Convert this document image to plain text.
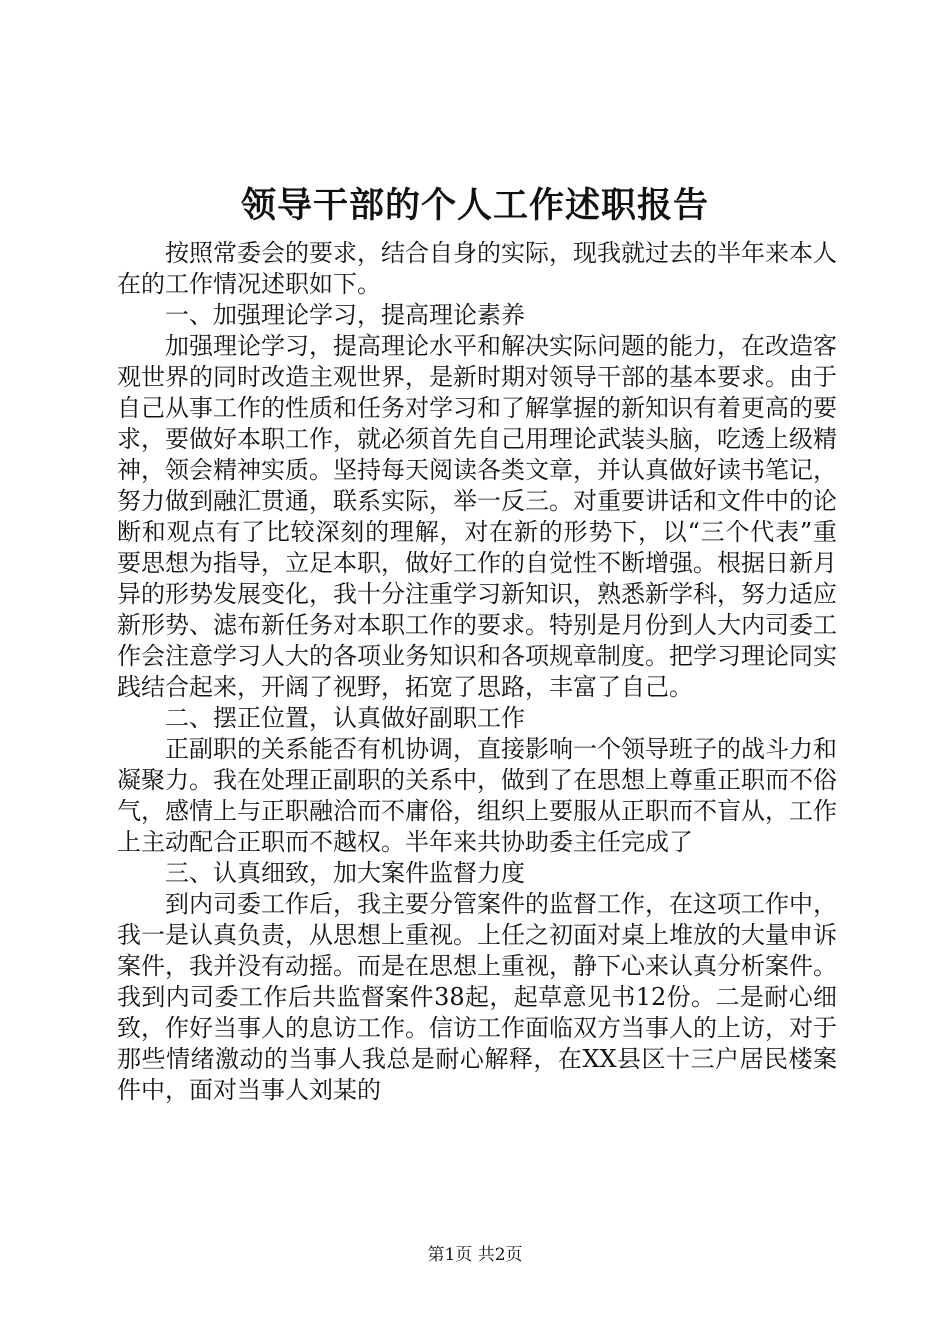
领导干部的个人工作述职报告

按照常委会的要求，结合自身的实际，现我就过去的半年来本人在的工作情况述职如下。

一、加强理论学习，提高理论素养

加强理论学习，提高理论水平和解决实际问题的能力，在改造客观世界的同时改造主观世界，是新时期对领导干部的基本要求。由于自己从事工作的性质和任务对学习和了解掌握的新知识有着更高的要求，要做好本职工作，就必须首先自己用理论武装头脑，吃透上级精神，领会精神实质。坚持每天阅读各类文章，并认真做好读书笔记，努力做到融汇贯通，联系实际，举一反三。对重要讲话和文件中的论断和观点有了比较深刻的理解，对在新的形势下，以“三个代表”重要思想为指导，立足本职，做好工作的自觉性不断增强。根据日新月异的形势发展变化，我十分注重学习新知识，熟悉新学科，努力适应新形势、滤布新任务对本职工作的要求。特别是月份到人大内司委工作会注意学习人大的各项业务知识和各项规章制度。把学习理论同实践结合起来，开阔了视野，拓宽了思路，丰富了自己。

二、摆正位置，认真做好副职工作

正副职的关系能否有机协调，直接影响一个领导班子的战斗力和凝聚力。我在处理正副职的关系中，做到了在思想上尊重正职而不俗气，感情上与正职融洽而不庸俗，组织上要服从正职而不盲从，工作上主动配合正职而不越权。半年来共协助委主任完成了

三、认真细致，加大案件监督力度

到内司委工作后，我主要分管案件的监督工作，在这项工作中，我一是认真负责，从思想上重视。上任之初面对桌上堆放的大量申诉案件，我并没有动摇。而是在思想上重视，静下心来认真分析案件。我到内司委工作后共监督案件38起，起草意见书12份。二是耐心细致，作好当事人的息访工作。信访工作面临双方当事人的上访，对于那些情绪激动的当事人我总是耐心解释，在XX县区十三户居民楼案件中，面对当事人刘某的

第1页 共2页
